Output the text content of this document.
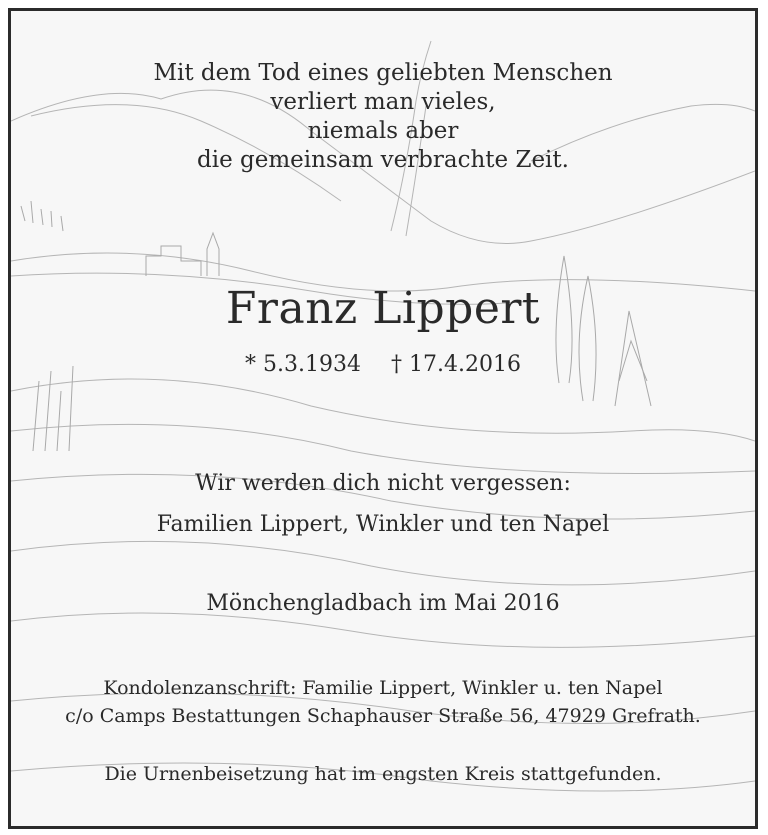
Mit dem Tod eines geliebten Menschen
verliert man vieles,
niemals aber
die gemeinsam verbrachte Zeit.
Franz Lippert
* 5.3.1934 † 17.4.2016
Wir werden dich nicht vergessen:
Familien Lippert, Winkler und ten Napel
Mönchengladbach im Mai 2016
Kondolenzanschrift: Familie Lippert, Winkler u. ten Napel
c/o Camps Bestattungen Schaphauser Straße 56, 47929 Grefrath.
Die Urnenbeisetzung hat im engsten Kreis stattgefunden.
